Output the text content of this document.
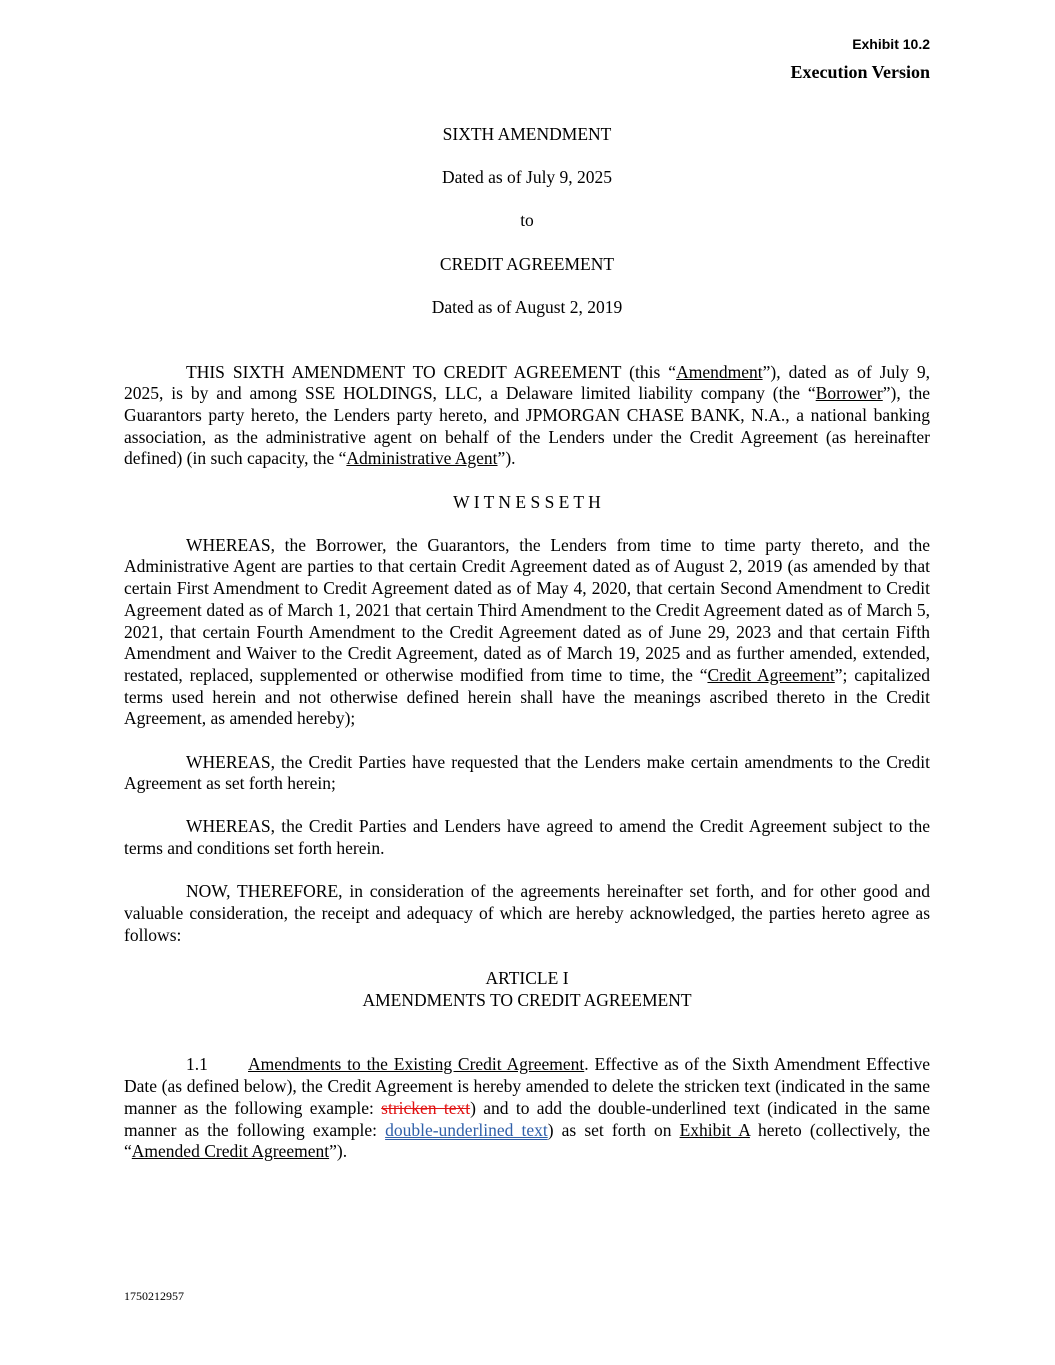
Exhibit 10.2
Execution Version

SIXTH AMENDMENT

Dated as of July 9, 2025

to

CREDIT AGREEMENT

Dated as of August 2, 2019

THIS SIXTH AMENDMENT TO CREDIT AGREEMENT (this “Amendment”), dated as of July 9, 2025, is by and among SSE HOLDINGS, LLC, a Delaware limited liability company (the “Borrower”), the Guarantors party hereto, the Lenders party hereto, and JPMORGAN CHASE BANK, N.A., a national banking association, as the administrative agent on behalf of the Lenders under the Credit Agreement (as hereinafter defined) (in such capacity, the “Administrative Agent”).

W I T N E S S E T H

WHEREAS, the Borrower, the Guarantors, the Lenders from time to time party thereto, and the Administrative Agent are parties to that certain Credit Agreement dated as of August 2, 2019 (as amended by that certain First Amendment to Credit Agreement dated as of May 4, 2020, that certain Second Amendment to Credit Agreement dated as of March 1, 2021 that certain Third Amendment to the Credit Agreement dated as of March 5, 2021, that certain Fourth Amendment to the Credit Agreement dated as of June 29, 2023 and that certain Fifth Amendment and Waiver to the Credit Agreement, dated as of March 19, 2025 and as further amended, extended, restated, replaced, supplemented or otherwise modified from time to time, the “Credit Agreement”; capitalized terms used herein and not otherwise defined herein shall have the meanings ascribed thereto in the Credit Agreement, as amended hereby);

WHEREAS, the Credit Parties have requested that the Lenders make certain amendments to the Credit Agreement as set forth herein;

WHEREAS, the Credit Parties and Lenders have agreed to amend the Credit Agreement subject to the terms and conditions set forth herein.

NOW, THEREFORE, in consideration of the agreements hereinafter set forth, and for other good and valuable consideration, the receipt and adequacy of which are hereby acknowledged, the parties hereto agree as follows:

ARTICLE I

AMENDMENTS TO CREDIT AGREEMENT

1.1 Amendments to the Existing Credit Agreement. Effective as of the Sixth Amendment Effective Date (as defined below), the Credit Agreement is hereby amended to delete the stricken text (indicated in the same manner as the following example: stricken text) and to add the double-underlined text (indicated in the same manner as the following example: double-underlined text) as set forth on Exhibit A hereto (collectively, the “Amended Credit Agreement”).

1750212957
